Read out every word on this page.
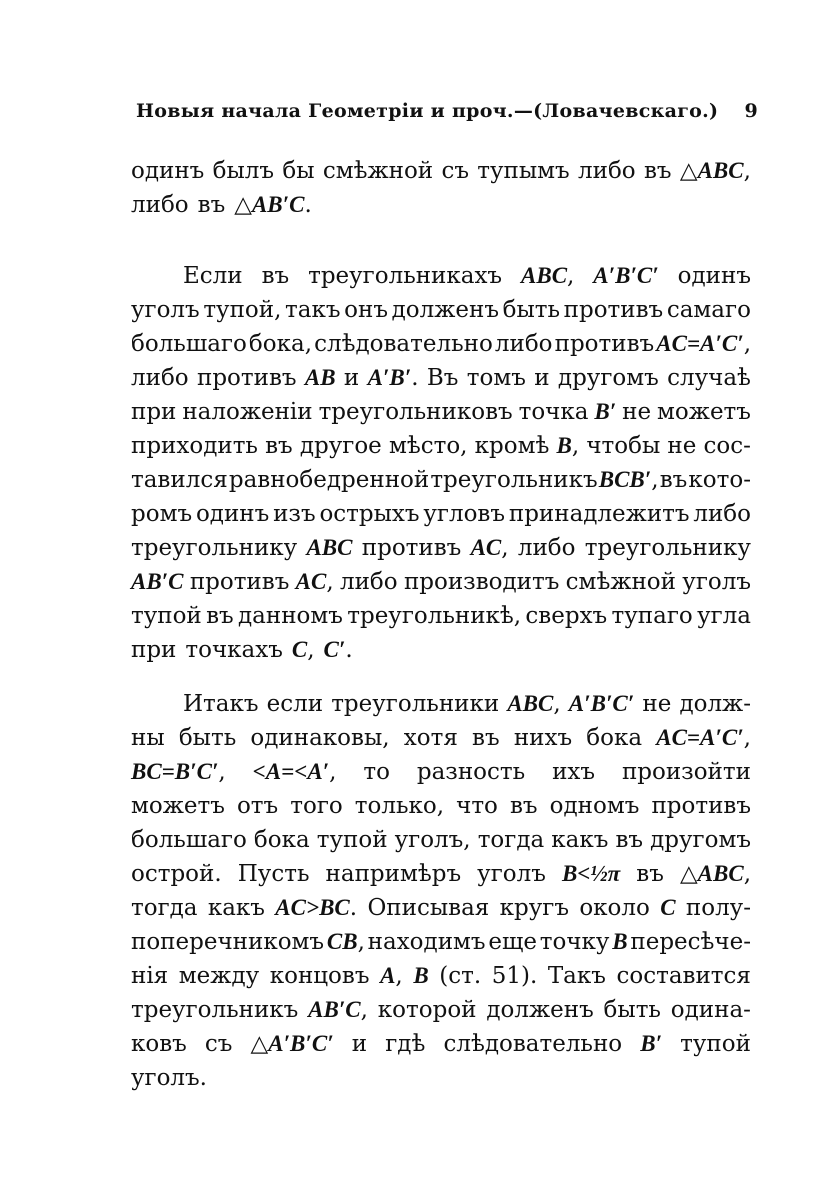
Новыя начала Геометріи и проч.—(Ловачевскаго.) 9
одинъ былъ бы смѣжной съ тупымъ либо въ △ABC,
либо въ △AB′C.
Если въ треугольникахъ ABC, A′B′C′ одинъ
уголъ тупой, такъ онъ долженъ быть противъ самаго
большаго бока, слѣдовательно либо противъ AC=A′C′,
либо противъ AB и A′B′. Въ томъ и другомъ случаѣ
при наложеніи треугольниковъ точка B′ не можетъ
приходить въ другое мѣсто, кромѣ B, чтобы не сос-
тавился равнобедренной треугольникъ BCB′, въ кото-
ромъ одинъ изъ острыхъ угловъ принадлежитъ либо
треугольнику ABC противъ AC, либо треугольнику
AB′C противъ AC, либо производитъ смѣжной уголъ
тупой въ данномъ треугольникѣ, сверхъ тупаго угла
при точкахъ C, C′.
Итакъ если треугольники ABC, A′B′C′ не долж-
ны быть одинаковы, хотя въ нихъ бока AC=A′C′,
BC=B′C′, <A=<A′, то разность ихъ произойти
можетъ отъ того только, что въ одномъ противъ
большаго бока тупой уголъ, тогда какъ въ другомъ
острой. Пусть напримѣръ уголъ B<½π въ △ABC,
тогда какъ AC>BC. Описывая кругъ около C полу-
поперечникомъ CB, находимъ еще точку B пересѣче-
нія между концовъ A, B (ст. 51). Такъ составится
треугольникъ AB′C, которой долженъ быть одина-
ковъ съ △A′B′C′ и гдѣ слѣдовательно B′ тупой
уголъ.
